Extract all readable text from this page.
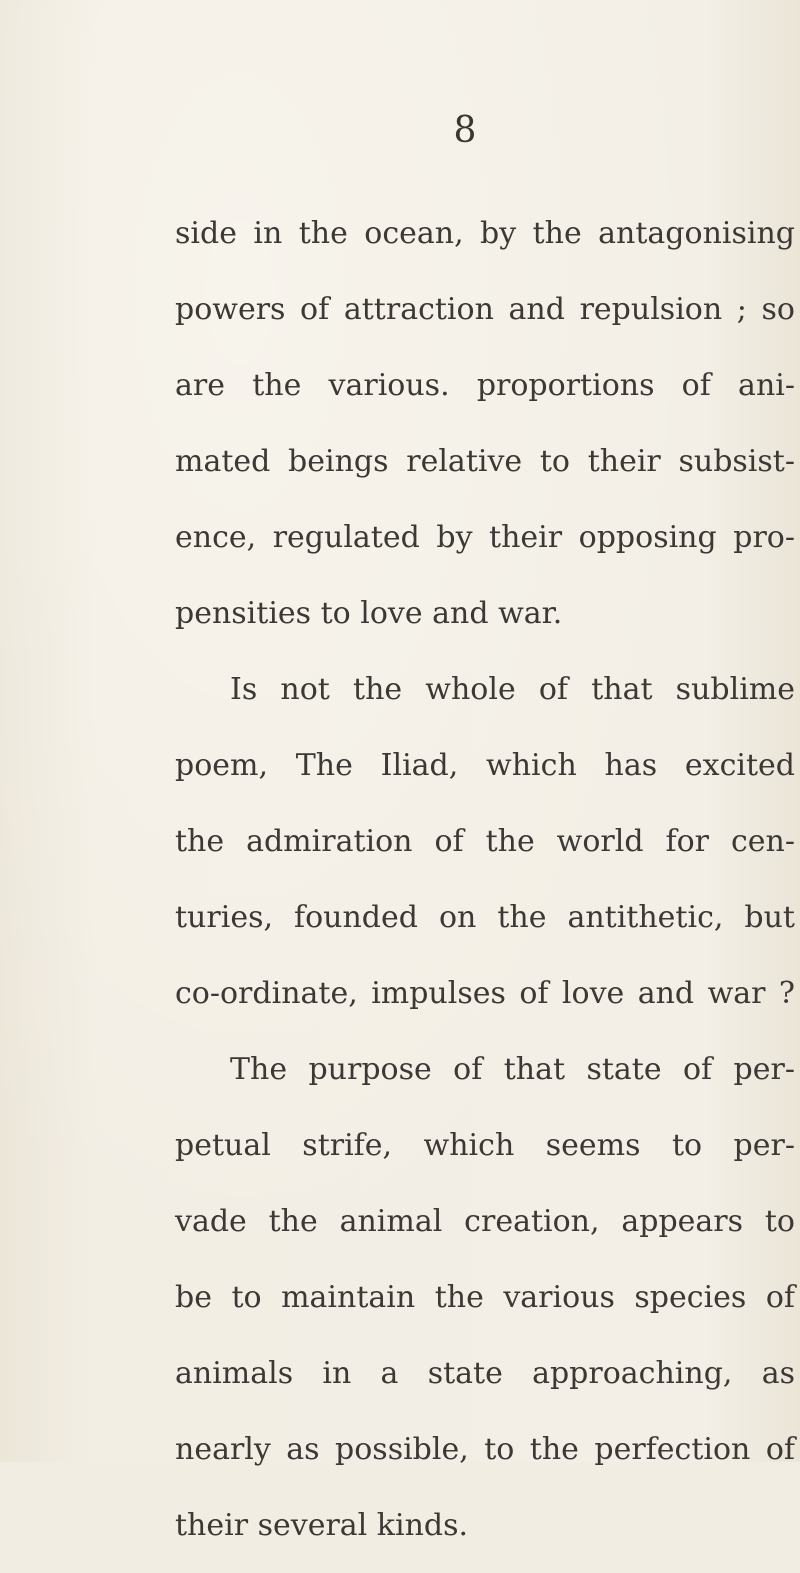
8
side in the ocean, by the antagonising
powers of attraction and repulsion ; so
are the various. proportions of ani-
mated beings relative to their subsist-
ence, regulated by their opposing pro-
pensities to love and war.
Is not the whole of that sublime
poem, The Iliad, which has excited
the admiration of the world for cen-
turies, founded on the antithetic, but
co-ordinate, impulses of love and war ?
The purpose of that state of per-
petual strife, which seems to per-
vade the animal creation, appears to
be to maintain the various species of
animals in a state approaching, as
nearly as possible, to the perfection of
their several kinds.
